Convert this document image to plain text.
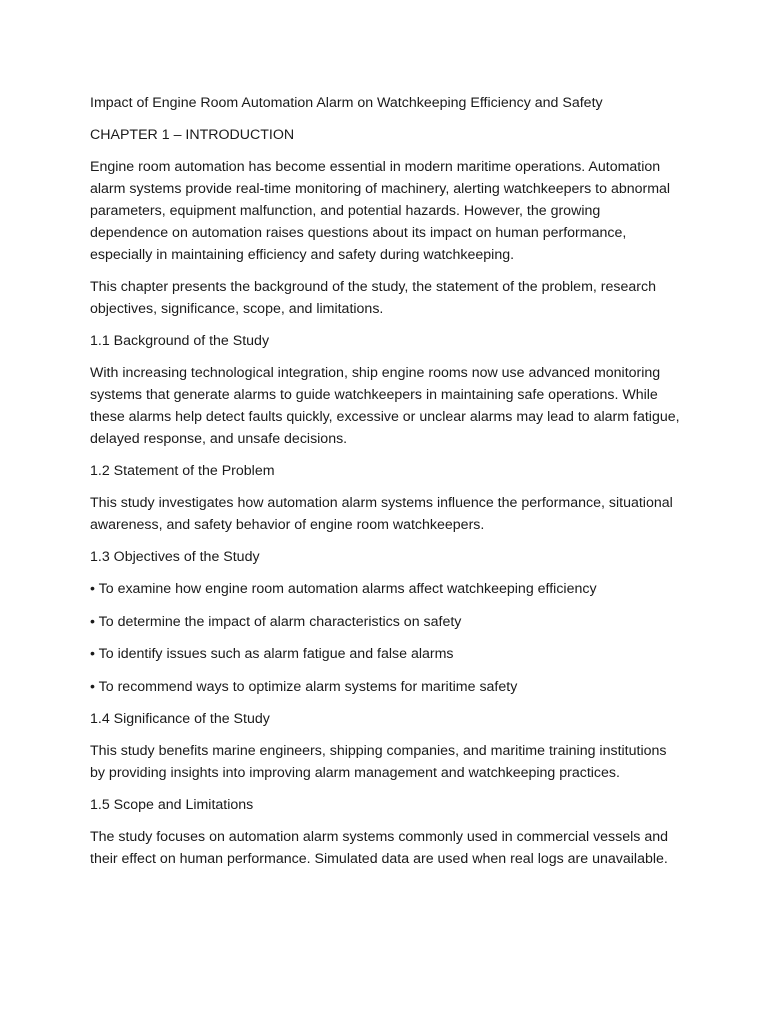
Impact of Engine Room Automation Alarm on Watchkeeping Efficiency and Safety

CHAPTER 1 – INTRODUCTION

Engine room automation has become essential in modern maritime operations. Automation alarm systems provide real-time monitoring of machinery, alerting watchkeepers to abnormal parameters, equipment malfunction, and potential hazards. However, the growing dependence on automation raises questions about its impact on human performance, especially in maintaining efficiency and safety during watchkeeping.

This chapter presents the background of the study, the statement of the problem, research objectives, significance, scope, and limitations.

1.1 Background of the Study

With increasing technological integration, ship engine rooms now use advanced monitoring systems that generate alarms to guide watchkeepers in maintaining safe operations. While these alarms help detect faults quickly, excessive or unclear alarms may lead to alarm fatigue, delayed response, and unsafe decisions.

1.2 Statement of the Problem

This study investigates how automation alarm systems influence the performance, situational awareness, and safety behavior of engine room watchkeepers.

1.3 Objectives of the Study

• To examine how engine room automation alarms affect watchkeeping efficiency

• To determine the impact of alarm characteristics on safety

• To identify issues such as alarm fatigue and false alarms

• To recommend ways to optimize alarm systems for maritime safety

1.4 Significance of the Study

This study benefits marine engineers, shipping companies, and maritime training institutions by providing insights into improving alarm management and watchkeeping practices.

1.5 Scope and Limitations

The study focuses on automation alarm systems commonly used in commercial vessels and their effect on human performance. Simulated data are used when real logs are unavailable.
